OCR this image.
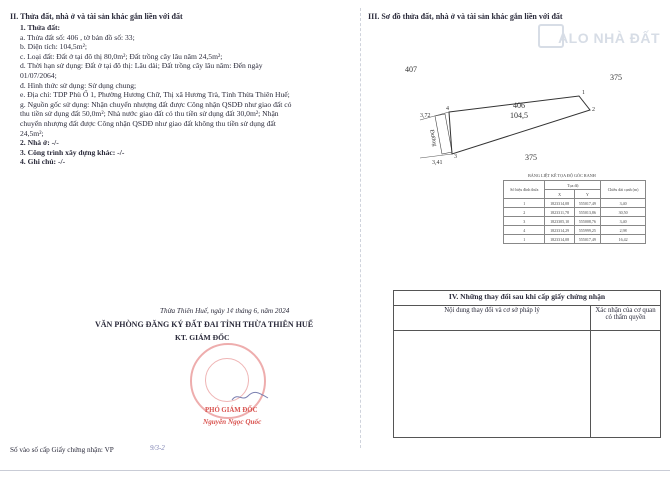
II. Thửa đất, nhà ở và tài sản khác gắn liền với đất
1. Thửa đất:
a. Thửa đất số: 406 , tờ bản đồ số: 33;
b. Diện tích: 104,5m²;
c. Loại đất: Đất ở tại đô thị 80,0m²; Đất trồng cây lâu năm 24,5m²;
d. Thời hạn sử dụng: Đất ở tại đô thị: Lâu dài; Đất trồng cây lâu năm: Đến ngày
01/07/2064;
đ. Hình thức sử dụng: Sử dụng chung;
e. Địa chỉ: TDP Phù Ổ 1, Phường Hương Chữ, Thị xã Hương Trà, Tỉnh Thừa Thiên Huế;
g. Nguồn gốc sử dụng: Nhận chuyển nhượng đất được Công nhận QSDĐ như giao đất có
thu tiền sử dụng đất 50,0m²; Nhà nước giao đất có thu tiền sử dụng đất 30,0m²; Nhận
chuyển nhượng đất được Công nhận QSDĐ như giao đất không thu tiền sử dụng đất
24,5m²;
2. Nhà ở: -/-
3. Công trình xây dựng khác: -/-
4. Ghi chú: -/-
III. Sơ đồ thửa đất, nhà ở và tài sản khác gắn liền với đất
ALO NHÀ ĐẤT
406
104,5
407
375
375
Đường
3,72
3,41
1
2
3
4
BẢNG LIỆT KÊ TỌA ĐỘ GÓC RANH
Số hiệu đỉnh thửa	Tọa độ		Chiều dài cạnh (m)
	X	Y	
1	1823314,08	555017,49	3,40
2	1823311,78	555013,86	30,50
3	1823305,10	555008,76	3,40
4	1823314,29	555999,25	2,98
1	1823314,08	555017,49	16,42
IV. Những thay đổi sau khi cấp giấy chứng nhận	
Nội dung thay đổi và cơ sở pháp lý	Xác nhận của cơ quan có thẩm quyền

Thừa Thiên Huế, ngày 1¢ tháng 6, năm 2024
VĂN PHÒNG ĐĂNG KÝ ĐẤT ĐAI TỈNH THỪA THIÊN HUẾ
KT. GIÁM ĐỐC
PHÓ GIÁM ĐỐC
Nguyễn Ngọc Quốc
Số vào số cấp Giấy chứng nhận: VP	9/3-2
